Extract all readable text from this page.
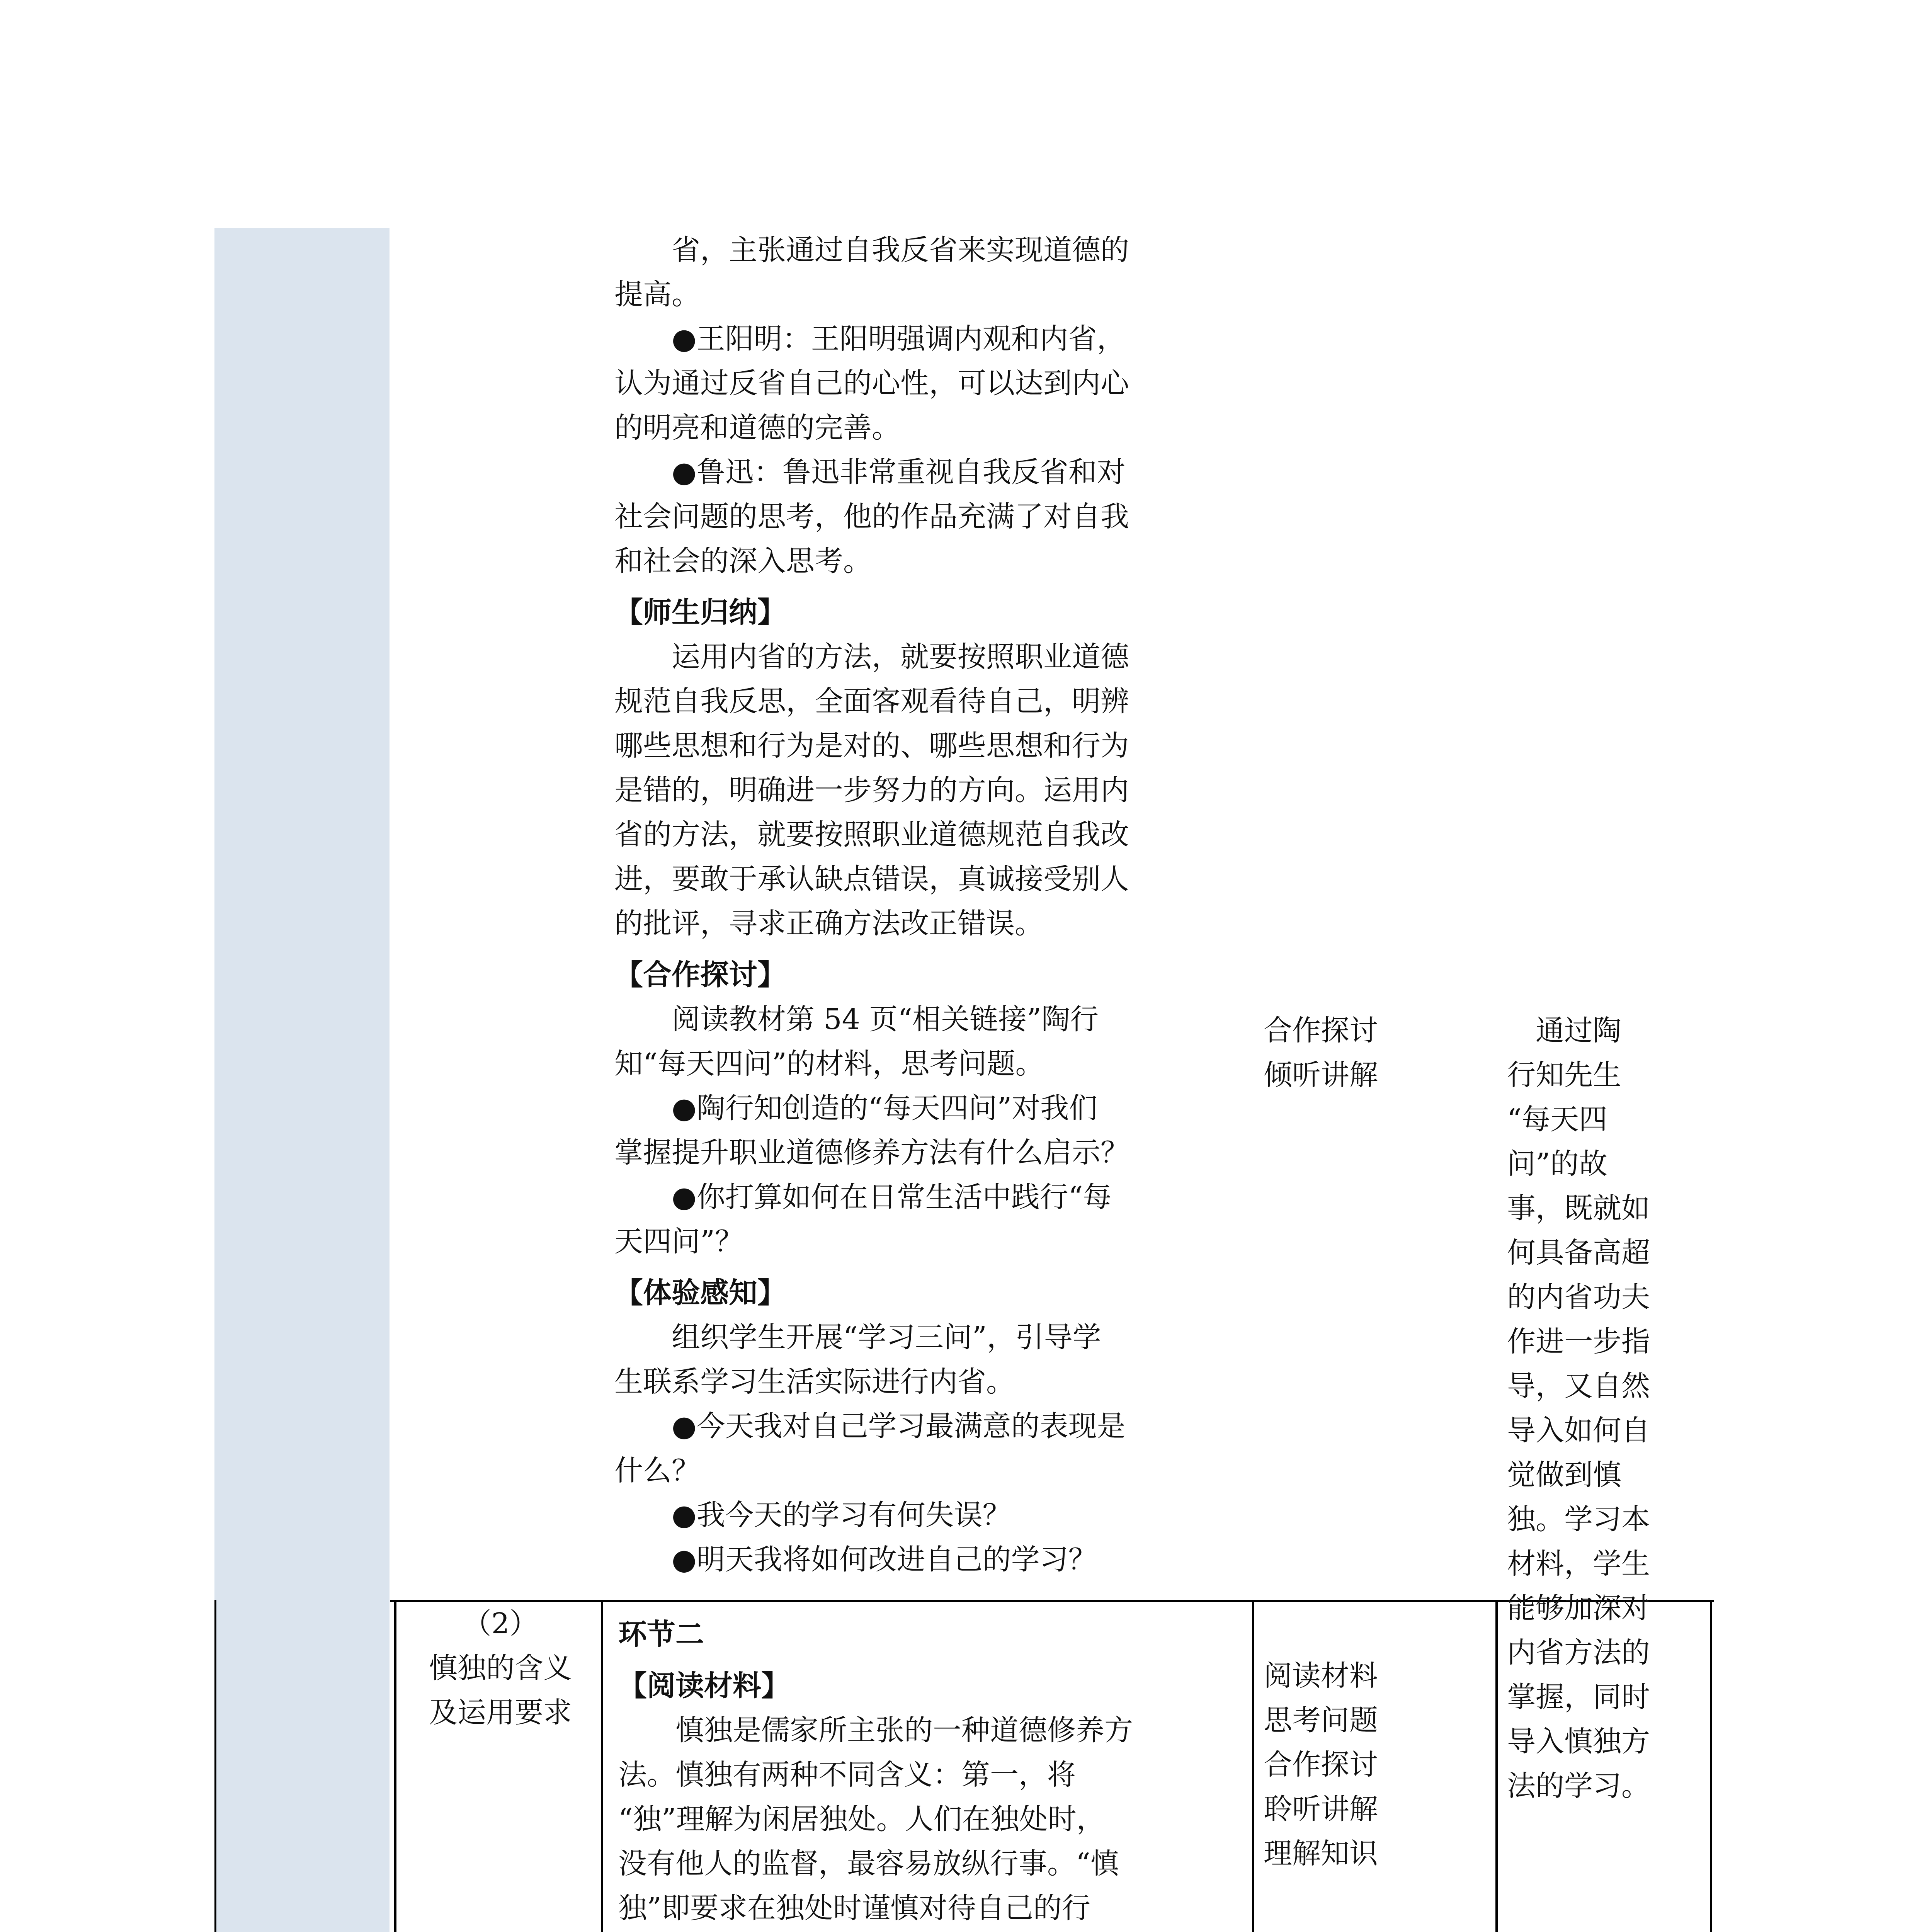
省，主张通过自我反省来实现道德的

提高。

●王阳明：王阳明强调内观和内省，

认为通过反省自己的心性，可以达到内心

的明亮和道德的完善。

●鲁迅：鲁迅非常重视自我反省和对

社会问题的思考，他的作品充满了对自我

和社会的深入思考。

【师生归纳】

运用内省的方法，就要按照职业道德

规范自我反思，全面客观看待自己，明辨

哪些思想和行为是对的、哪些思想和行为

是错的，明确进一步努力的方向。运用内

省的方法，就要按照职业道德规范自我改

进，要敢于承认缺点错误，真诚接受别人

的批评，寻求正确方法改正错误。

【合作探讨】

阅读教材第 54 页“相关链接”陶行

知“每天四问”的材料，思考问题。

●陶行知创造的“每天四问”对我们

掌握提升职业道德修养方法有什么启示？

●你打算如何在日常生活中践行“每

天四问”？

【体验感知】

组织学生开展“学习三问”，引导学

生联系学习生活实际进行内省。

●今天我对自己学习最满意的表现是

什么？

●我今天的学习有何失误？

●明天我将如何改进自己的学习？

合作探讨

倾听讲解

　通过陶

行知先生

“每天四

问”的故

事，既就如

何具备高超

的内省功夫

作进一步指

导，又自然

导入如何自

觉做到慎

独。学习本

材料，学生

能够加深对

内省方法的

掌握，同时

导入慎独方

法的学习。

（2）

慎独的含义

及运用要求

环节二

【阅读材料】

慎独是儒家所主张的一种道德修养方

法。慎独有两种不同含义：第一，将

“独”理解为闲居独处。人们在独处时，

没有他人的监督，最容易放纵行事。“慎

独”即要求在独处时谨慎对待自己的行

阅读材料

思考问题

合作探讨

聆听讲解

理解知识
